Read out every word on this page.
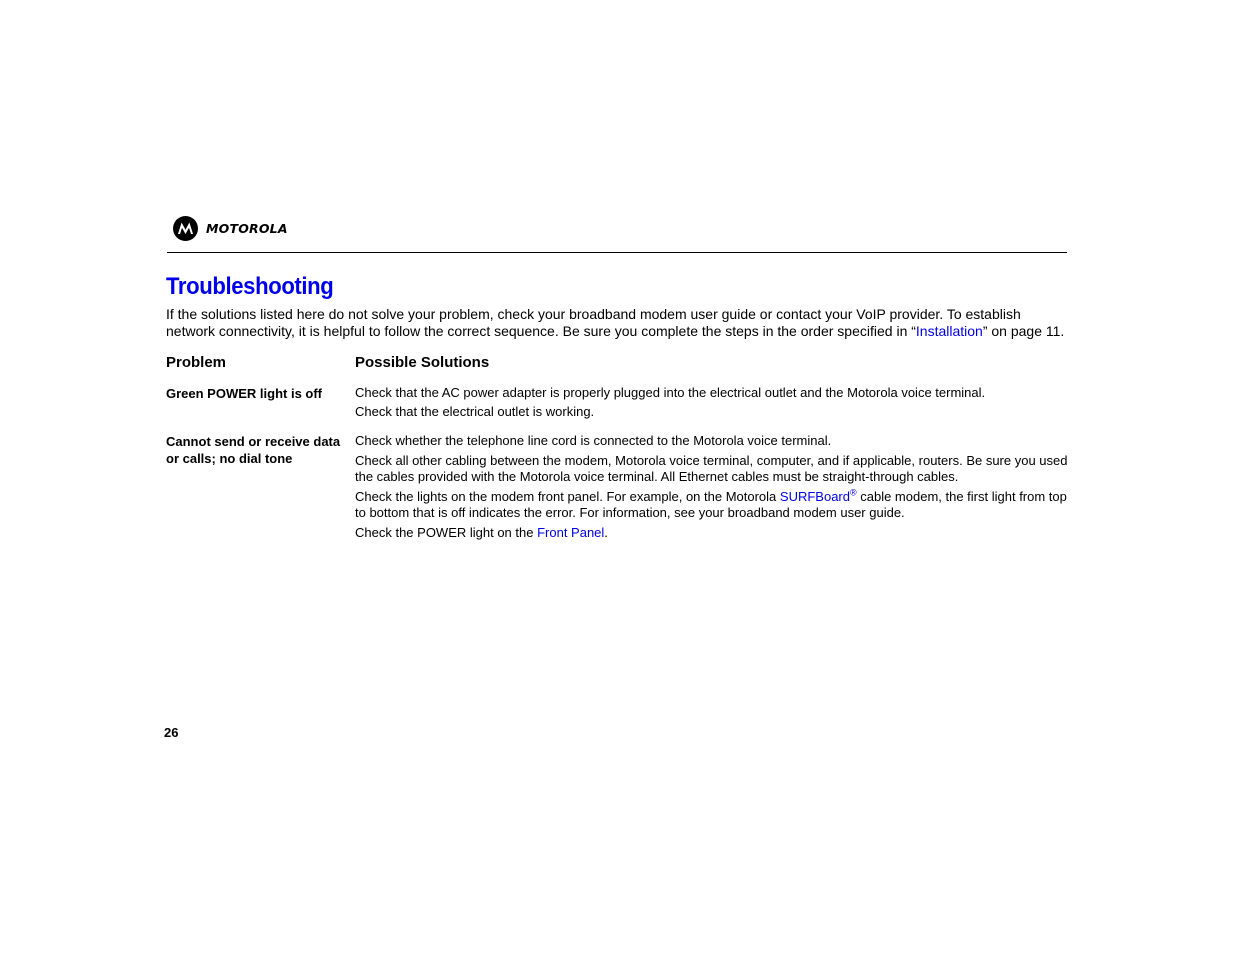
MOTOROLA
Troubleshooting

If the solutions listed here do not solve your problem, check your broadband modem user guide or contact your VoIP provider. To establish network connectivity, it is helpful to follow the correct sequence. Be sure you complete the steps in the order specified in “Installation” on page 11.

Problem	Possible Solutions

Green POWER light is off	Check that the AC power adapter is properly plugged into the electrical outlet and the Motorola voice terminal.

Check that the electrical outlet is working.

Cannot send or receive data
or calls; no dial tone

Check whether the telephone line cord is connected to the Motorola voice terminal.

Check all other cabling between the modem, Motorola voice terminal, computer, and if applicable, routers. Be sure you used the cables provided with the Motorola voice terminal. All Ethernet cables must be straight-through cables.

Check the lights on the modem front panel. For example, on the Motorola SURFBoard® cable modem, the first light from top to bottom that is off indicates the error. For information, see your broadband modem user guide.

Check the POWER light on the Front Panel.

26
